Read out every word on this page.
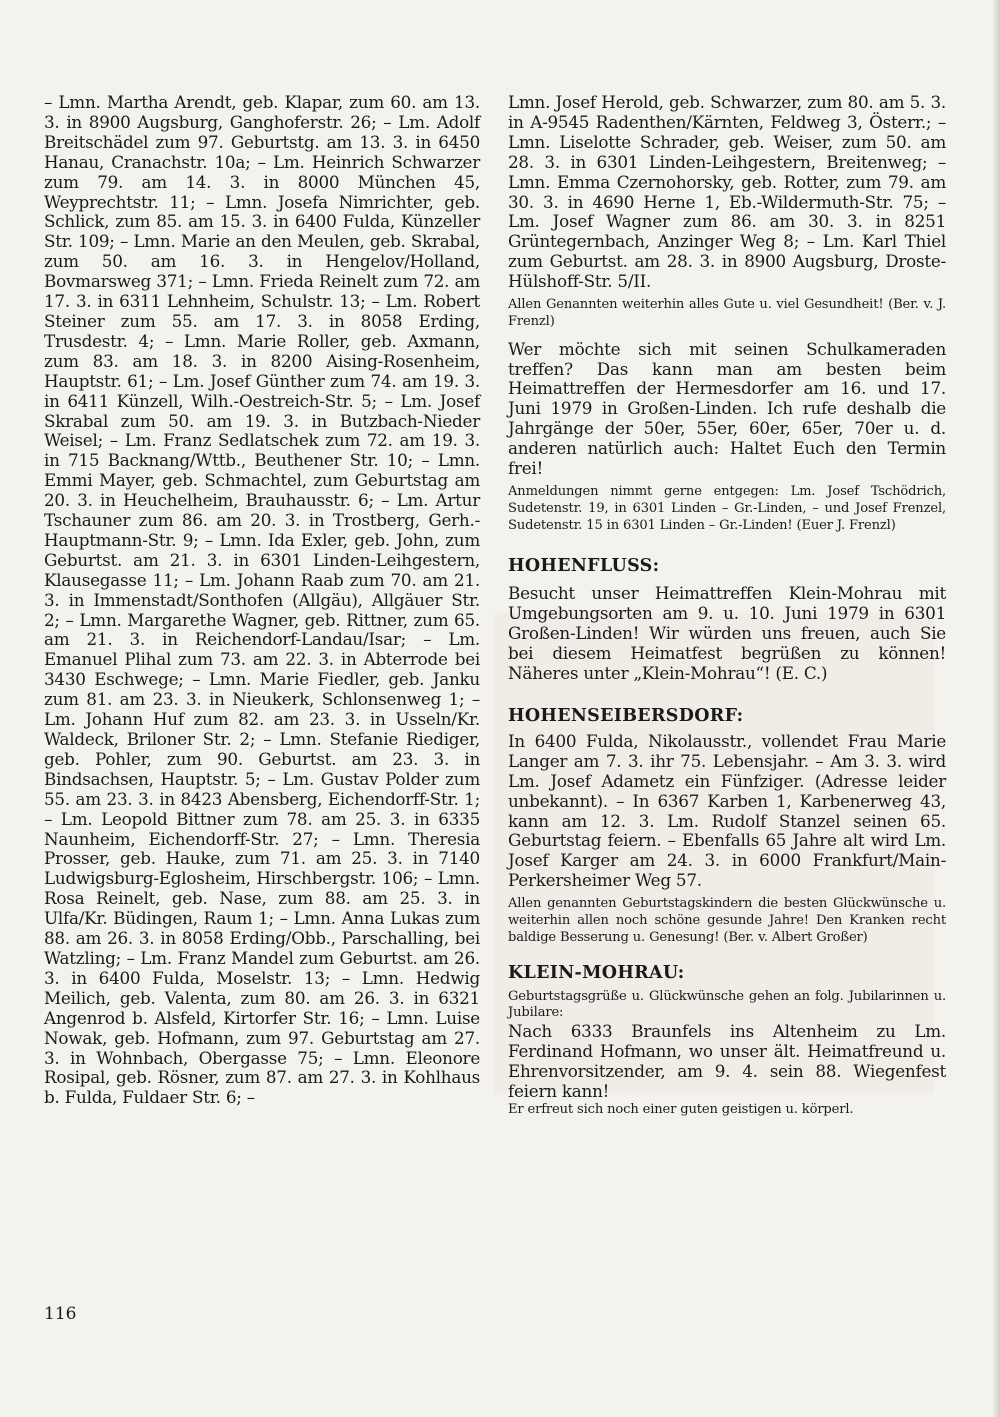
– Lmn. Martha Arendt, geb. Klapar, zum 60. am 13. 3. in 8900 Augsburg, Ganghoferstr. 26; – Lm. Adolf Breitschädel zum 97. Geburtstg. am 13. 3. in 6450 Hanau, Cranachstr. 10a; – Lm. Heinrich Schwarzer zum 79. am 14. 3. in 8000 München 45, Weyprechtstr. 11; – Lmn. Josefa Nimrichter, geb. Schlick, zum 85. am 15. 3. in 6400 Fulda, Künzeller Str. 109; – Lmn. Marie an den Meulen, geb. Skrabal, zum 50. am 16. 3. in Hengelov/Holland, Bovmarsweg 371; – Lmn. Frieda Reinelt zum 72. am 17. 3. in 6311 Lehnheim, Schulstr. 13; – Lm. Robert Steiner zum 55. am 17. 3. in 8058 Erding, Trusdestr. 4; – Lmn. Marie Roller, geb. Axmann, zum 83. am 18. 3. in 8200 Aising-Rosenheim, Hauptstr. 61; – Lm. Josef Günther zum 74. am 19. 3. in 6411 Künzell, Wilh.-Oestreich-Str. 5; – Lm. Josef Skrabal zum 50. am 19. 3. in Butzbach-Nieder Weisel; – Lm. Franz Sedlatschek zum 72. am 19. 3. in 715 Backnang/Wttb., Beuthener Str. 10; – Lmn. Emmi Mayer, geb. Schmachtel, zum Geburtstag am 20. 3. in Heuchelheim, Brauhausstr. 6; – Lm. Artur Tschauner zum 86. am 20. 3. in Trostberg, Gerh.-Hauptmann-Str. 9; – Lmn. Ida Exler, geb. John, zum Geburtst. am 21. 3. in 6301 Linden-Leihgestern, Klausegasse 11; – Lm. Johann Raab zum 70. am 21. 3. in Immenstadt/Sonthofen (Allgäu), Allgäuer Str. 2; – Lmn. Margarethe Wagner, geb. Rittner, zum 65. am 21. 3. in Reichendorf-Landau/Isar; – Lm. Emanuel Plihal zum 73. am 22. 3. in Abterrode bei 3430 Eschwege; – Lmn. Marie Fiedler, geb. Janku zum 81. am 23. 3. in Nieukerk, Schlonsenweg 1; – Lm. Johann Huf zum 82. am 23. 3. in Usseln/Kr. Waldeck, Briloner Str. 2; – Lmn. Stefanie Riediger, geb. Pohler, zum 90. Geburtst. am 23. 3. in Bindsachsen, Hauptstr. 5; – Lm. Gustav Polder zum 55. am 23. 3. in 8423 Abensberg, Eichendorff-Str. 1; – Lm. Leopold Bittner zum 78. am 25. 3. in 6335 Naunheim, Eichendorff-Str. 27; – Lmn. Theresia Prosser, geb. Hauke, zum 71. am 25. 3. in 7140 Ludwigsburg-Eglosheim, Hirschbergstr. 106; – Lmn. Rosa Reinelt, geb. Nase, zum 88. am 25. 3. in Ulfa/Kr. Büdingen, Raum 1; – Lmn. Anna Lukas zum 88. am 26. 3. in 8058 Erding/Obb., Parschalling, bei Watzling; – Lm. Franz Mandel zum Geburtst. am 26. 3. in 6400 Fulda, Moselstr. 13; – Lmn. Hedwig Meilich, geb. Valenta, zum 80. am 26. 3. in 6321 Angenrod b. Alsfeld, Kirtorfer Str. 16; – Lmn. Luise Nowak, geb. Hofmann, zum 97. Geburtstag am 27. 3. in Wohnbach, Obergasse 75; – Lmn. Eleonore Rosipal, geb. Rösner, zum 87. am 27. 3. in Kohlhaus b. Fulda, Fuldaer Str. 6; –

Lmn. Josef Herold, geb. Schwarzer, zum 80. am 5. 3. in A-9545 Radenthen/Kärnten, Feldweg 3, Österr.; – Lmn. Liselotte Schrader, geb. Weiser, zum 50. am 28. 3. in 6301 Linden-Leihgestern, Breitenweg; – Lmn. Emma Czernohorsky, geb. Rotter, zum 79. am 30. 3. in 4690 Herne 1, Eb.-Wildermuth-Str. 75; – Lm. Josef Wagner zum 86. am 30. 3. in 8251 Grüntegernbach, Anzinger Weg 8; – Lm. Karl Thiel zum Geburtst. am 28. 3. in 8900 Augsburg, Droste-Hülshoff-Str. 5/II.

Allen Genannten weiterhin alles Gute u. viel Gesundheit! (Ber. v. J. Frenzl)

Wer möchte sich mit seinen Schulkameraden treffen? Das kann man am besten beim Heimattreffen der Hermesdorfer am 16. und 17. Juni 1979 in Großen-Linden. Ich rufe deshalb die Jahrgänge der 50er, 55er, 60er, 65er, 70er u. d. anderen natürlich auch: Haltet Euch den Termin frei!

Anmeldungen nimmt gerne entgegen: Lm. Josef Tschödrich, Sudetenstr. 19, in 6301 Linden – Gr.-Linden, – und Josef Frenzel, Sudetenstr. 15 in 6301 Linden – Gr.-Linden! (Euer J. Frenzl)

HOHENFLUSS:

Besucht unser Heimattreffen Klein-Mohrau mit Umgebungsorten am 9. u. 10. Juni 1979 in 6301 Großen-Linden! Wir würden uns freuen, auch Sie bei diesem Heimatfest begrüßen zu können! Näheres unter „Klein-Mohrau“! (E. C.)

HOHENSEIBERSDORF:

In 6400 Fulda, Nikolausstr., vollendet Frau Marie Langer am 7. 3. ihr 75. Lebensjahr. – Am 3. 3. wird Lm. Josef Adametz ein Fünfziger. (Adresse leider unbekannt). – In 6367 Karben 1, Karbenerweg 43, kann am 12. 3. Lm. Rudolf Stanzel seinen 65. Geburtstag feiern. – Ebenfalls 65 Jahre alt wird Lm. Josef Karger am 24. 3. in 6000 Frankfurt/Main-Perkersheimer Weg 57.

Allen genannten Geburtstagskindern die besten Glückwünsche u. weiterhin allen noch schöne gesunde Jahre! Den Kranken recht baldige Besserung u. Genesung! (Ber. v. Albert Großer)

KLEIN-MOHRAU:

Geburtstagsgrüße u. Glückwünsche gehen an folg. Jubilarinnen u. Jubilare:

Nach 6333 Braunfels ins Altenheim zu Lm. Ferdinand Hofmann, wo unser ält. Heimatfreund u. Ehrenvorsitzender, am 9. 4. sein 88. Wiegenfest feiern kann!

Er erfreut sich noch einer guten geistigen u. körperl.

116
